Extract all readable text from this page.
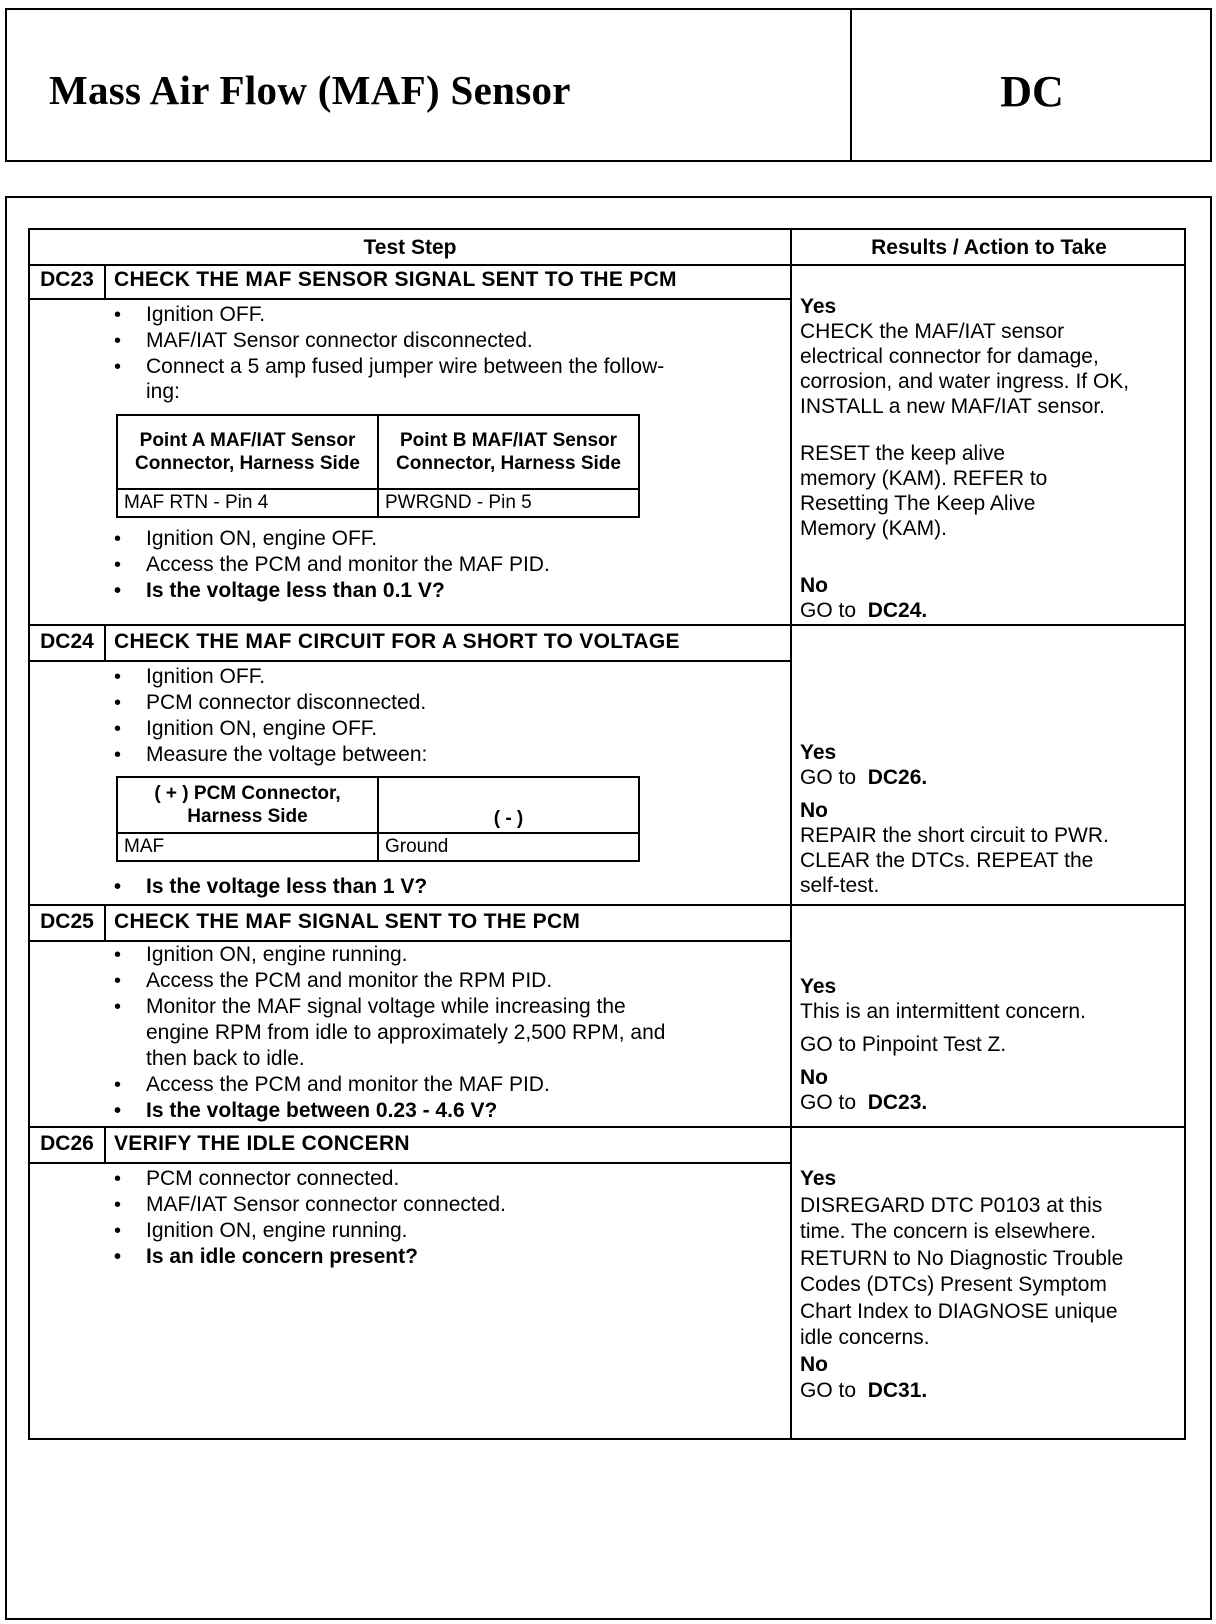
Mass Air Flow (MAF) Sensor	DC
Test Step	Results / Action to Take
DC23 CHECK THE MAF SENSOR SIGNAL SENT TO THE PCM
• Ignition OFF.
• MAF/IAT Sensor connector disconnected.
• Connect a 5 amp fused jumper wire between the follow-
ing:
Point A MAF/IAT Sensor Connector, Harness Side	Point B MAF/IAT Sensor Connector, Harness Side
MAF RTN - Pin 4	PWRGND - Pin 5
• Ignition ON, engine OFF.
• Access the PCM and monitor the MAF PID.
• Is the voltage less than 0.1 V?
Yes
CHECK the MAF/IAT sensor
electrical connector for damage,
corrosion, and water ingress. If OK,
INSTALL a new MAF/IAT sensor.
RESET the keep alive
memory (KAM). REFER to
Resetting The Keep Alive
Memory (KAM).
No
GO to DC24.
DC24 CHECK THE MAF CIRCUIT FOR A SHORT TO VOLTAGE
• Ignition OFF.
• PCM connector disconnected.
• Ignition ON, engine OFF.
• Measure the voltage between:
( + ) PCM Connector, Harness Side	( - )
MAF	Ground
• Is the voltage less than 1 V?
Yes
GO to DC26.
No
REPAIR the short circuit to PWR.
CLEAR the DTCs. REPEAT the
self-test.
DC25 CHECK THE MAF SIGNAL SENT TO THE PCM
• Ignition ON, engine running.
• Access the PCM and monitor the RPM PID.
• Monitor the MAF signal voltage while increasing the
engine RPM from idle to approximately 2,500 RPM, and
then back to idle.
• Access the PCM and monitor the MAF PID.
• Is the voltage between 0.23 - 4.6 V?
Yes
This is an intermittent concern.
GO to Pinpoint Test Z.
No
GO to DC23.
DC26 VERIFY THE IDLE CONCERN
• PCM connector connected.
• MAF/IAT Sensor connector connected.
• Ignition ON, engine running.
• Is an idle concern present?
Yes
DISREGARD DTC P0103 at this
time. The concern is elsewhere.
RETURN to No Diagnostic Trouble
Codes (DTCs) Present Symptom
Chart Index to DIAGNOSE unique
idle concerns.
No
GO to DC31.
